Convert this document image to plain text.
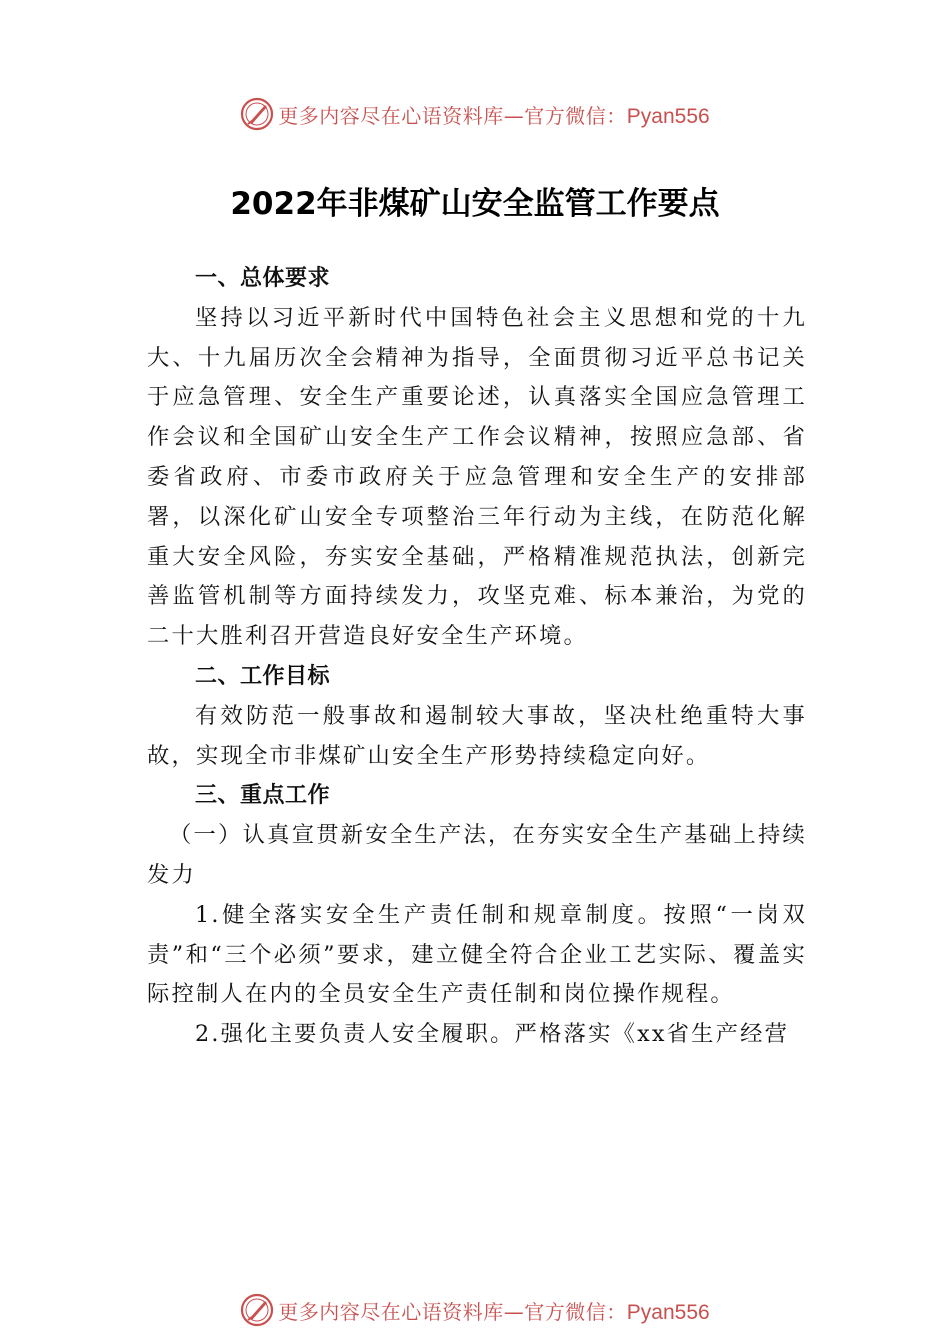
更多内容尽在心语资料库—官方微信：Pyan556
2022年非煤矿山安全监管工作要点

一、总体要求

坚持以习近平新时代中国特色社会主义思想和党的十九大、十九届历次全会精神为指导，全面贯彻习近平总书记关于应急管理、安全生产重要论述，认真落实全国应急管理工作会议和全国矿山安全生产工作会议精神，按照应急部、省委省政府、市委市政府关于应急管理和安全生产的安排部署，以深化矿山安全专项整治三年行动为主线，在防范化解重大安全风险，夯实安全基础，严格精准规范执法，创新完善监管机制等方面持续发力，攻坚克难、标本兼治，为党的二十大胜利召开营造良好安全生产环境。

二、工作目标

有效防范一般事故和遏制较大事故，坚决杜绝重特大事故，实现全市非煤矿山安全生产形势持续稳定向好。

三、重点工作

（一）认真宣贯新安全生产法，在夯实安全生产基础上持续发力

1.健全落实安全生产责任制和规章制度。按照“一岗双责”和“三个必须”要求，建立健全符合企业工艺实际、覆盖实际控制人在内的全员安全生产责任制和岗位操作规程。

2.强化主要负责人安全履职。严格落实《xx省生产经营

更多内容尽在心语资料库—官方微信：Pyan556
